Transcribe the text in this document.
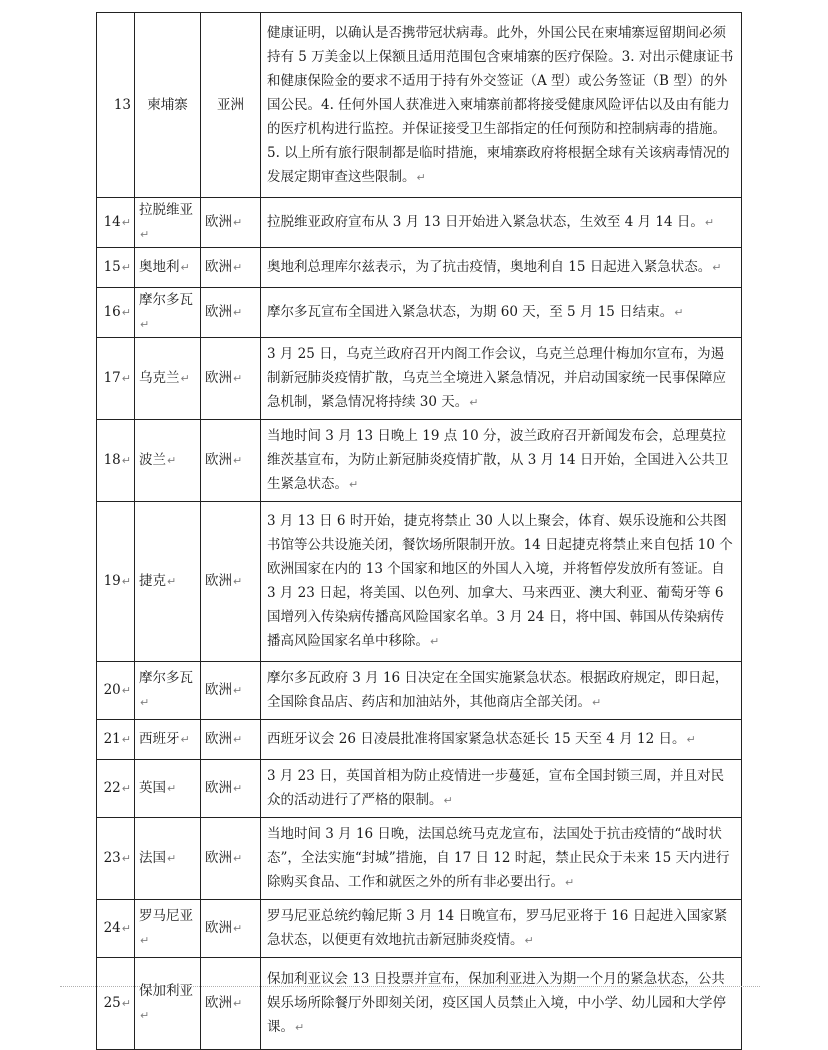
13	柬埔寨	亚洲	健康证明，以确认是否携带冠状病毒。此外，外国公民在柬埔寨逗留期间必须持有 5 万美金以上保额且适用范围包含柬埔寨的医疗保险。3. 对出示健康证书和健康保险金的要求不适用于持有外交签证（A 型）或公务签证（B 型）的外国公民。4. 任何外国人获准进入柬埔寨前都将接受健康风险评估以及由有能力的医疗机构进行监控。并保证接受卫生部指定的任何预防和控制病毒的措施。5. 以上所有旅行限制都是临时措施，柬埔寨政府将根据全球有关该病毒情况的发展定期审查这些限制。↵
14↵	拉脱维亚↵	欧洲↵	拉脱维亚政府宣布从 3 月 13 日开始进入紧急状态，生效至 4 月 14 日。↵
15↵	奥地利↵	欧洲↵	奥地利总理库尔兹表示，为了抗击疫情，奥地利自 15 日起进入紧急状态。↵
16↵	摩尔多瓦↵	欧洲↵	摩尔多瓦宣布全国进入紧急状态，为期 60 天，至 5 月 15 日结束。↵
17↵	乌克兰↵	欧洲↵	3 月 25 日，乌克兰政府召开内阁工作会议，乌克兰总理什梅加尔宣布，为遏制新冠肺炎疫情扩散，乌克兰全境进入紧急情况，并启动国家统一民事保障应急机制，紧急情况将持续 30 天。↵
18↵	波兰↵	欧洲↵	当地时间 3 月 13 日晚上 19 点 10 分，波兰政府召开新闻发布会，总理莫拉维茨基宣布，为防止新冠肺炎疫情扩散，从 3 月 14 日开始，全国进入公共卫生紧急状态。↵
19↵	捷克↵	欧洲↵	3 月 13 日 6 时开始，捷克将禁止 30 人以上聚会，体育、娱乐设施和公共图书馆等公共设施关闭，餐饮场所限制开放。14 日起捷克将禁止来自包括 10 个欧洲国家在内的 13 个国家和地区的外国人入境，并将暂停发放所有签证。自 3 月 23 日起，将美国、以色列、加拿大、马来西亚、澳大利亚、葡萄牙等 6 国增列入传染病传播高风险国家名单。3 月 24 日，将中国、韩国从传染病传播高风险国家名单中移除。↵
20↵	摩尔多瓦↵	欧洲↵	摩尔多瓦政府 3 月 16 日决定在全国实施紧急状态。根据政府规定，即日起，全国除食品店、药店和加油站外，其他商店全部关闭。↵
21↵	西班牙↵	欧洲↵	西班牙议会 26 日凌晨批准将国家紧急状态延长 15 天至 4 月 12 日。↵
22↵	英国↵	欧洲↵	3 月 23 日，英国首相为防止疫情进一步蔓延，宣布全国封锁三周，并且对民众的活动进行了严格的限制。↵
23↵	法国↵	欧洲↵	当地时间 3 月 16 日晚，法国总统马克龙宣布，法国处于抗击疫情的“战时状态”，全法实施“封城”措施，自 17 日 12 时起，禁止民众于未来 15 天内进行除购买食品、工作和就医之外的所有非必要出行。↵
24↵	罗马尼亚↵	欧洲↵	罗马尼亚总统约翰尼斯 3 月 14 日晚宣布，罗马尼亚将于 16 日起进入国家紧急状态，以便更有效地抗击新冠肺炎疫情。↵
25↵	保加利亚↵	欧洲↵	保加利亚议会 13 日投票并宣布，保加利亚进入为期一个月的紧急状态，公共娱乐场所除餐厅外即刻关闭，疫区国人员禁止入境，中小学、幼儿园和大学停课。↵
